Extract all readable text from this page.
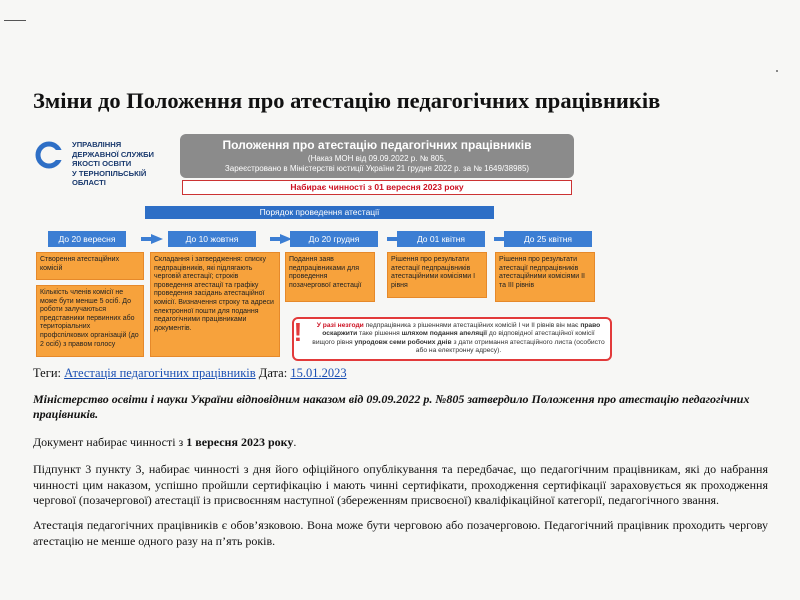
Зміни до Положення про атестацію педагогічних працівників
УПРАВЛІННЯ
ДЕРЖАВНОЇ СЛУЖБИ
ЯКОСТІ ОСВІТИ
У ТЕРНОПІЛЬСЬКІЙ
ОБЛАСТІ
Положення про атестацію педагогічних працівників
(Наказ МОН від 09.09.2022 р. № 805,
Зареєстровано в Міністерстві юстиції України 21 грудня 2022 р. за № 1649/38985)
Набирає чинності з 01 вересня 2023 року
Порядок проведення атестації
До 20 вересня	До 10 жовтня	До 20 грудня	До 01 квітня	До 25 квітня
Створення атестаційних комісій
Кількість членів комісії не може бути менше 5 осіб. До роботи залучаються представники первинних або територіальних профспілкових організацій (до 2 осіб) з правом голосу
Складання і затвердження: списку педпрацівників, які підлягають черговій атестації; строків проведення атестації та графіку проведення засідань атестаційної комісії. Визначення строку та адреси електронної пошти для подання педагогічними працівниками документів.
Подання заяв педпрацівниками для проведення позачергової атестації
Рішення про результати атестації педпрацівників атестаційними комісіями I рівня
Рішення про результати атестації педпрацівників атестаційними комісіями II та III рівнів
У разі незгоди педпрацівника з рішеннями атестаційних комісій I чи II рівнів він має право оскаржити таке рішення шляхом подання апеляції до відповідної атестаційної комісії вищого рівня упродовж семи робочих днів з дати отримання атестаційного листа (особисто або на електронну адресу).
!
Теги: Атестація педагогічних працівників Дата: 15.01.2023

Міністерство освіти і науки України відповідним наказом від 09.09.2022 р. №805 затвердило Положення про атестацію педагогічних працівників.

Документ набирає чинності з 1 вересня 2023 року.

Підпункт 3 пункту 3, набирає чинності з дня його офіційного опублікування та передбачає, що педагогічним працівникам, які до набрання чинності цим наказом, успішно пройшли сертифікацію і мають чинні сертифікати, проходження сертифікації зараховується як проходження чергової (позачергової) атестації із присвоєнням наступної (збереженням присвоєної) кваліфікаційної категорії, педагогічного звання.

Атестація педагогічних працівників є обов’язковою. Вона може бути черговою або позачерговою. Педагогічний працівник проходить чергову атестацію не менше одного разу на п’ять років.
